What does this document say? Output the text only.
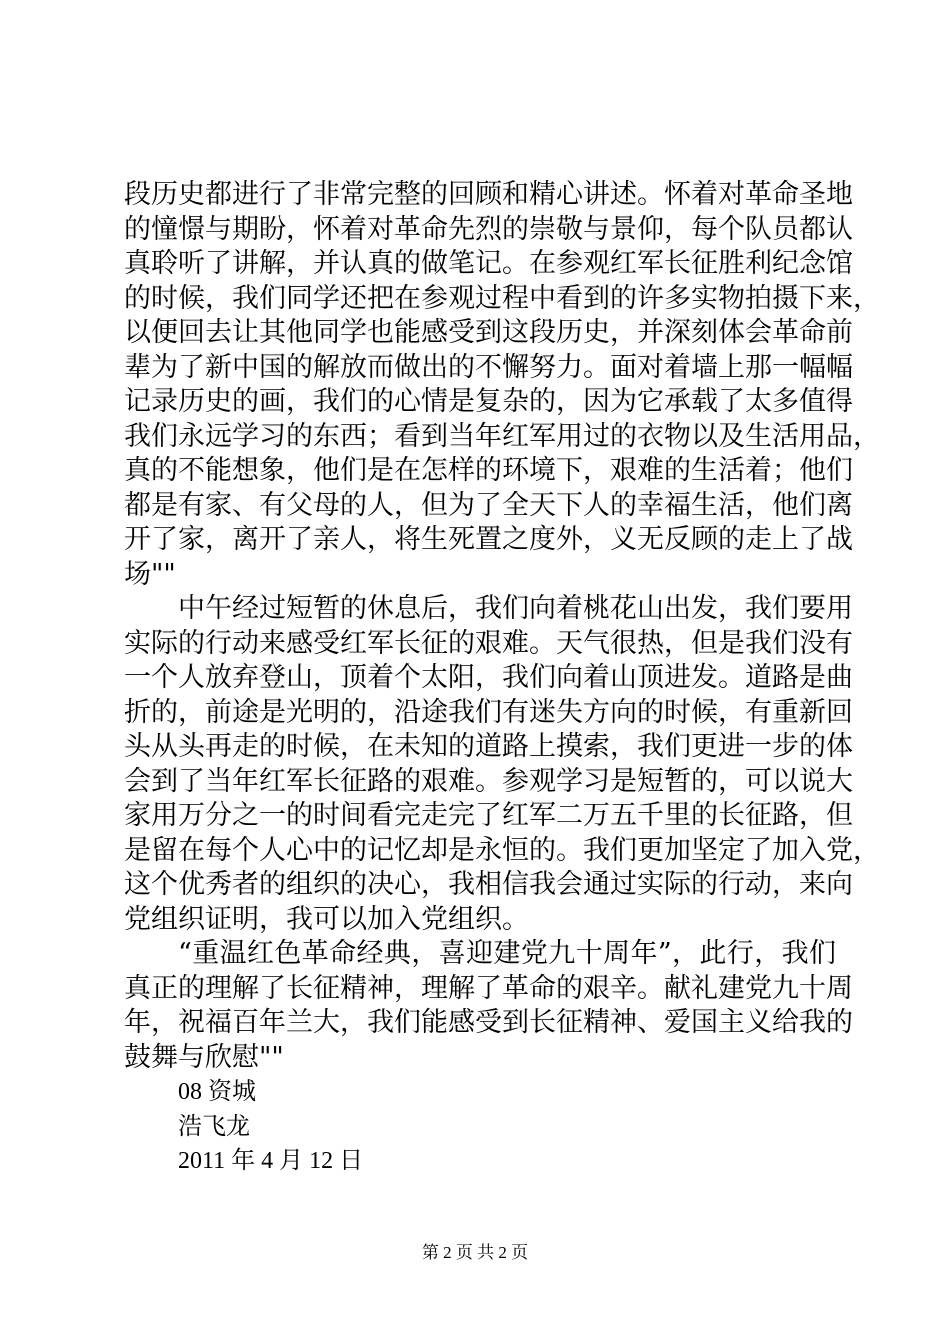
段历史都进行了非常完整的回顾和精心讲述。怀着对革命圣地
的憧憬与期盼，怀着对革命先烈的崇敬与景仰，每个队员都认
真聆听了讲解，并认真的做笔记。在参观红军长征胜利纪念馆
的时候，我们同学还把在参观过程中看到的许多实物拍摄下来，
以便回去让其他同学也能感受到这段历史，并深刻体会革命前
辈为了新中国的解放而做出的不懈努力。面对着墙上那一幅幅
记录历史的画，我们的心情是复杂的，因为它承载了太多值得
我们永远学习的东西；看到当年红军用过的衣物以及生活用品，
真的不能想象，他们是在怎样的环境下，艰难的生活着；他们
都是有家、有父母的人，但为了全天下人的幸福生活，他们离
开了家，离开了亲人，将生死置之度外，义无反顾的走上了战
场""
中午经过短暂的休息后，我们向着桃花山出发，我们要用
实际的行动来感受红军长征的艰难。天气很热，但是我们没有
一个人放弃登山，顶着个太阳，我们向着山顶进发。道路是曲
折的，前途是光明的，沿途我们有迷失方向的时候，有重新回
头从头再走的时候，在未知的道路上摸索，我们更进一步的体
会到了当年红军长征路的艰难。参观学习是短暂的，可以说大
家用万分之一的时间看完走完了红军二万五千里的长征路，但
是留在每个人心中的记忆却是永恒的。我们更加坚定了加入党，
这个优秀者的组织的决心，我相信我会通过实际的行动，来向
党组织证明，我可以加入党组织。
“重温红色革命经典，喜迎建党九十周年”，此行，我们
真正的理解了长征精神，理解了革命的艰辛。献礼建党九十周
年，祝福百年兰大，我们能感受到长征精神、爱国主义给我的
鼓舞与欣慰""
08 资城
浩飞龙
2011 年 4 月 12 日
第 2 页 共 2 页
